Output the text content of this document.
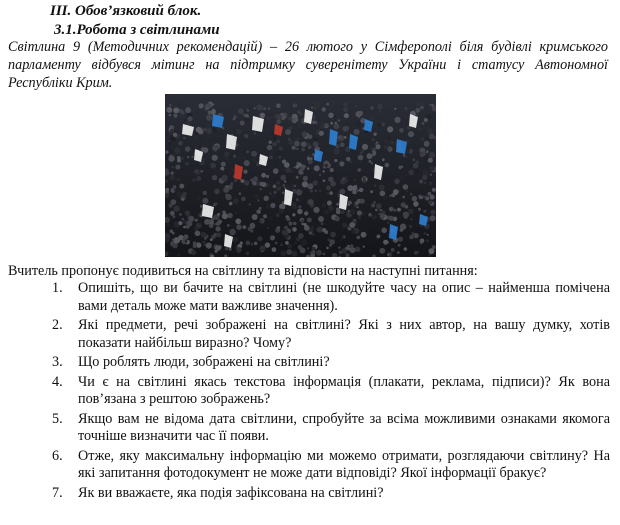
ІІІ. Обов’язковий блок.
3.1.Робота з світлинами
Світлина 9 (Методичних рекомендацій) – 26 лютого у Сімферополі біля будівлі кримського парламенту відбувся мітинг на підтримку суверенітету України і статусу Автономної Республіки Крим.
Вчитель пропонує подивиться на світлину та відповісти на наступні питання:
1. Опишіть, що ви бачите на світлині (не шкодуйте часу на опис – найменша помічена вами деталь може мати важливе значення).
2. Які предмети, речі зображені на світлині? Які з них автор, на вашу думку, хотів показати найбільш виразно? Чому?
3. Що роблять люди, зображені на світлині?
4. Чи є на світлині якась текстова інформація (плакати, реклама, підписи)? Як вона пов’язана з рештою зображень?
5. Якщо вам не відома дата світлини, спробуйте за всіма можливими ознаками якомога точніше визначити час її появи.
6. Отже, яку максимальну інформацію ми можемо отримати, розглядаючи світлину? На які запитання фотодокумент не може дати відповіді? Якої інформації бракує?
7. Як ви вважаєте, яка подія зафіксована на світлині?
